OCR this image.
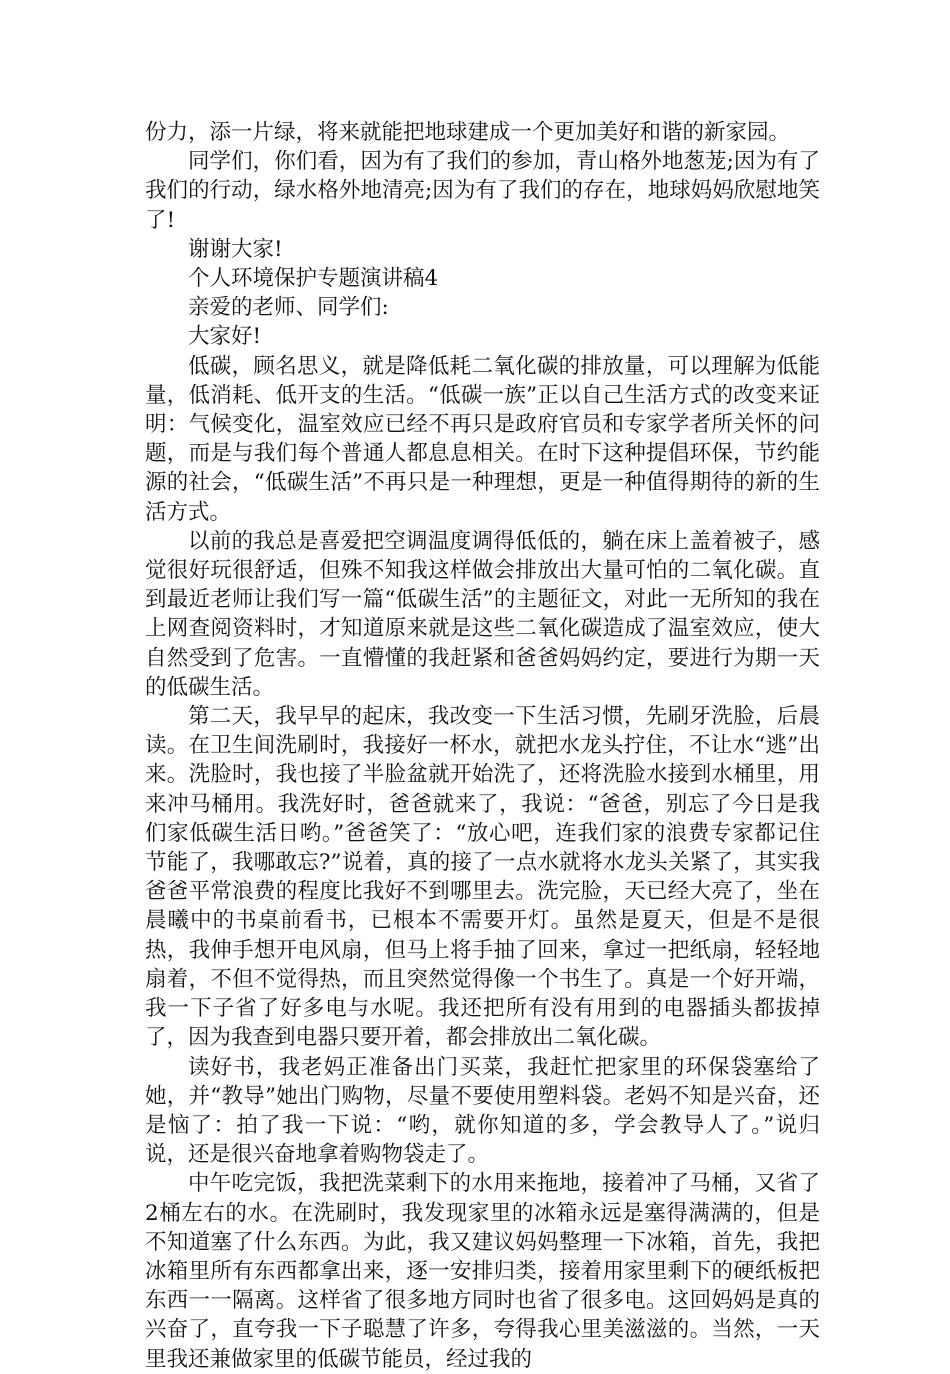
份力，添一片绿，将来就能把地球建成一个更加美好和谐的新家园。

同学们，你们看，因为有了我们的参加，青山格外地葱茏;因为有了我们的行动，绿水格外地清亮;因为有了我们的存在，地球妈妈欣慰地笑了!

谢谢大家!

个人环境保护专题演讲稿4

亲爱的老师、同学们:

大家好!

低碳，顾名思义，就是降低耗二氧化碳的排放量，可以理解为低能量，低消耗、低开支的生活。“低碳一族”正以自己生活方式的改变来证明：气候变化，温室效应已经不再只是政府官员和专家学者所关怀的问题，而是与我们每个普通人都息息相关。在时下这种提倡环保，节约能源的社会，“低碳生活”不再只是一种理想，更是一种值得期待的新的生活方式。

以前的我总是喜爱把空调温度调得低低的，躺在床上盖着被子，感觉很好玩很舒适，但殊不知我这样做会排放出大量可怕的二氧化碳。直到最近老师让我们写一篇“低碳生活”的主题征文，对此一无所知的我在上网查阅资料时，才知道原来就是这些二氧化碳造成了温室效应，使大自然受到了危害。一直懵懂的我赶紧和爸爸妈妈约定，要进行为期一天的低碳生活。

第二天，我早早的起床，我改变一下生活习惯，先刷牙洗脸，后晨读。在卫生间洗刷时，我接好一杯水，就把水龙头拧住，不让水“逃”出来。洗脸时，我也接了半脸盆就开始洗了，还将洗脸水接到水桶里，用来冲马桶用。我洗好时，爸爸就来了，我说：“爸爸，别忘了今日是我们家低碳生活日哟。”爸爸笑了：“放心吧，连我们家的浪费专家都记住节能了，我哪敢忘?”说着，真的接了一点水就将水龙头关紧了，其实我爸爸平常浪费的程度比我好不到哪里去。洗完脸，天已经大亮了，坐在晨曦中的书桌前看书，已根本不需要开灯。虽然是夏天，但是不是很热，我伸手想开电风扇，但马上将手抽了回来，拿过一把纸扇，轻轻地扇着，不但不觉得热，而且突然觉得像一个书生了。真是一个好开端，我一下子省了好多电与水呢。我还把所有没有用到的电器插头都拔掉了，因为我查到电器只要开着，都会排放出二氧化碳。

读好书，我老妈正准备出门买菜，我赶忙把家里的环保袋塞给了她，并“教导”她出门购物，尽量不要使用塑料袋。老妈不知是兴奋，还是恼了：拍了我一下说：“哟，就你知道的多，学会教导人了。”说归说，还是很兴奋地拿着购物袋走了。

中午吃完饭，我把洗菜剩下的水用来拖地，接着冲了马桶，又省了2桶左右的水。在洗刷时，我发现家里的冰箱永远是塞得满满的，但是不知道塞了什么东西。为此，我又建议妈妈整理一下冰箱，首先，我把冰箱里所有东西都拿出来，逐一安排归类，接着用家里剩下的硬纸板把东西一一隔离。这样省了很多地方同时也省了很多电。这回妈妈是真的兴奋了，直夸我一下子聪慧了许多，夸得我心里美滋滋的。当然，一天里我还兼做家里的低碳节能员，经过我的
